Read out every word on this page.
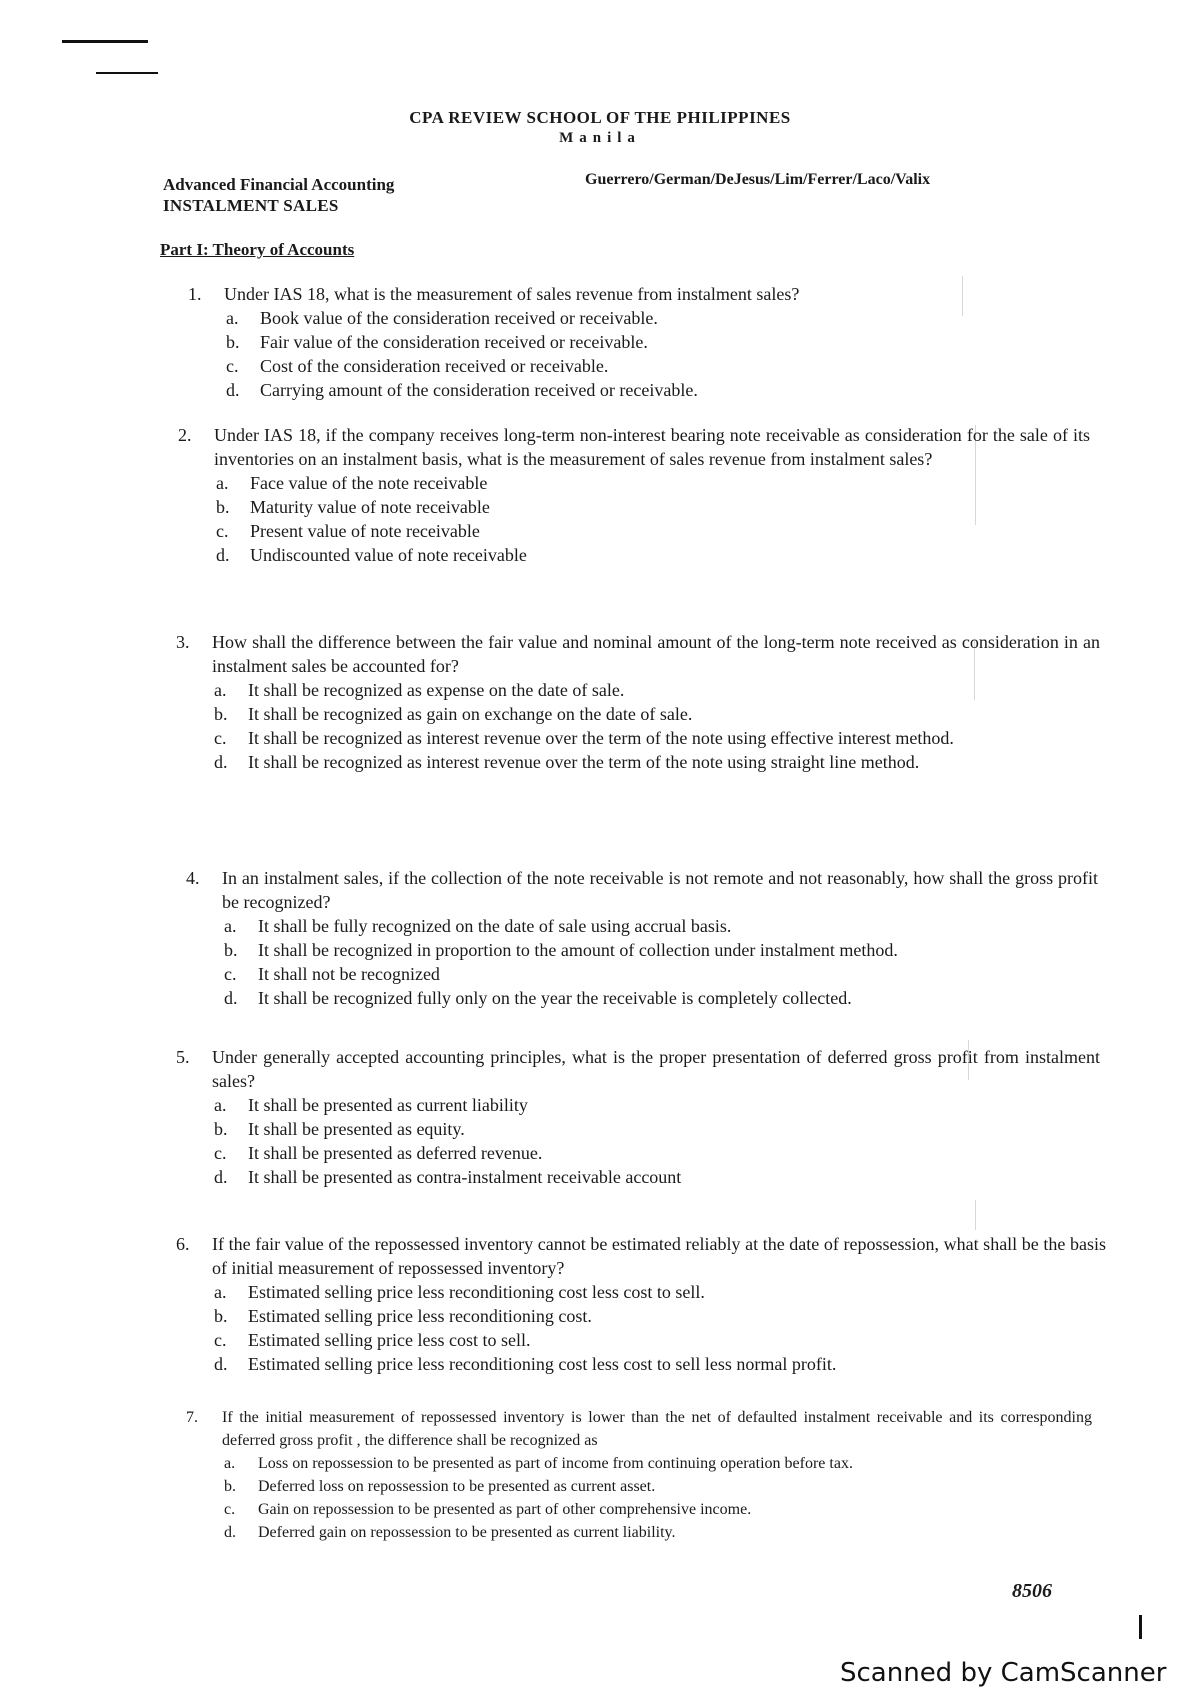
CPA REVIEW SCHOOL OF THE PHILIPPINES
Manila
Advanced Financial Accounting
INSTALMENT SALES
Guerrero/German/DeJesus/Lim/Ferrer/Laco/Valix
Part I: Theory of Accounts
1. Under IAS 18, what is the measurement of sales revenue from instalment sales?
a. Book value of the consideration received or receivable.
b. Fair value of the consideration received or receivable.
c. Cost of the consideration received or receivable.
d. Carrying amount of the consideration received or receivable.
2. Under IAS 18, if the company receives long-term non-interest bearing note receivable as consideration for the sale of its inventories on an instalment basis, what is the measurement of sales revenue from instalment sales?
a. Face value of the note receivable
b. Maturity value of note receivable
c. Present value of note receivable
d. Undiscounted value of note receivable
3. How shall the difference between the fair value and nominal amount of the long-term note received as consideration in an instalment sales be accounted for?
a. It shall be recognized as expense on the date of sale.
b. It shall be recognized as gain on exchange on the date of sale.
c. It shall be recognized as interest revenue over the term of the note using effective interest method.
d. It shall be recognized as interest revenue over the term of the note using straight line method.
4. In an instalment sales, if the collection of the note receivable is not remote and not reasonably, how shall the gross profit be recognized?
a. It shall be fully recognized on the date of sale using accrual basis.
b. It shall be recognized in proportion to the amount of collection under instalment method.
c. It shall not be recognized
d. It shall be recognized fully only on the year the receivable is completely collected.
5. Under generally accepted accounting principles, what is the proper presentation of deferred gross profit from instalment sales?
a. It shall be presented as current liability
b. It shall be presented as equity.
c. It shall be presented as deferred revenue.
d. It shall be presented as contra-instalment receivable account
6. If the fair value of the repossessed inventory cannot be estimated reliably at the date of repossession, what shall be the basis of initial measurement of repossessed inventory?
a. Estimated selling price less reconditioning cost less cost to sell.
b. Estimated selling price less reconditioning cost.
c. Estimated selling price less cost to sell.
d. Estimated selling price less reconditioning cost less cost to sell less normal profit.
7. If the initial measurement of repossessed inventory is lower than the net of defaulted instalment receivable and its corresponding deferred gross profit , the difference shall be recognized as
a. Loss on repossession to be presented as part of income from continuing operation before tax.
b. Deferred loss on repossession to be presented as current asset.
c. Gain on repossession to be presented as part of other comprehensive income.
d. Deferred gain on repossession to be presented as current liability.
8506
Scanned by CamScanner
